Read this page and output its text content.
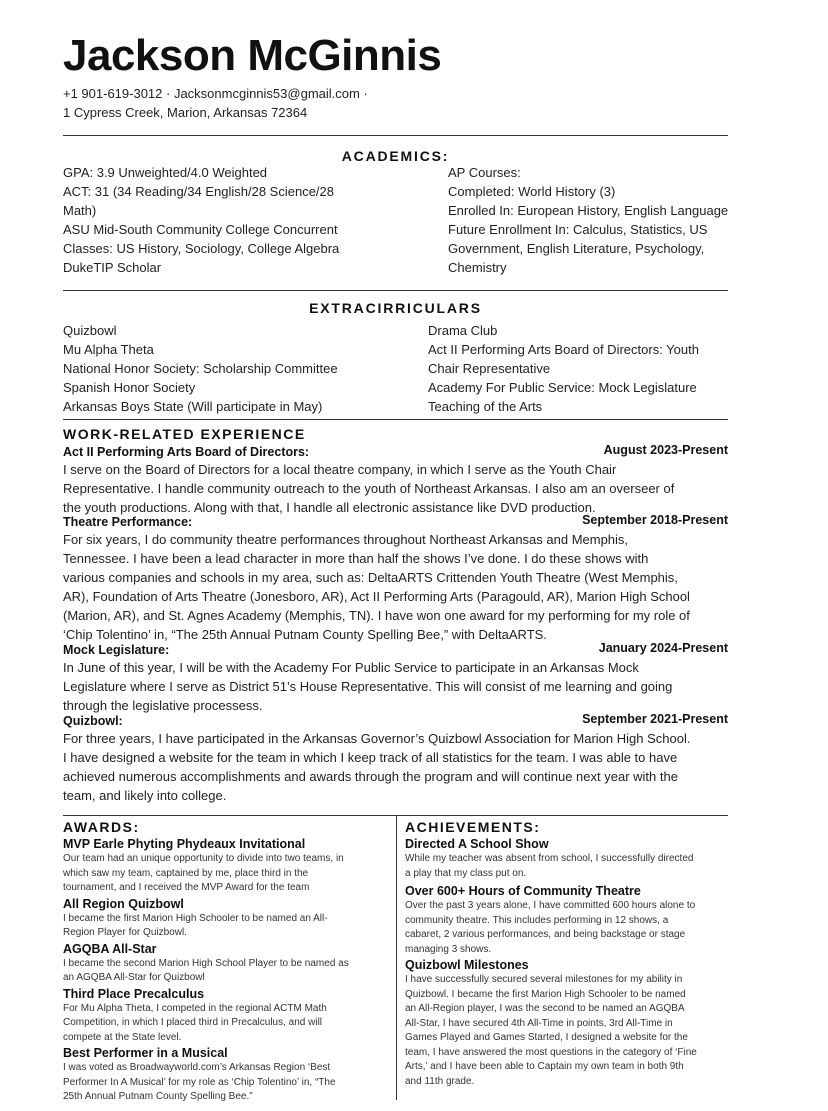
Jackson McGinnis
+1 901-619-3012 · Jacksonmcginnis53@gmail.com ·
1 Cypress Creek, Marion, Arkansas 72364
ACADEMICS:
GPA: 3.9 Unweighted/4.0 Weighted
ACT: 31 (34 Reading/34 English/28 Science/28
Math)
ASU Mid-South Community College Concurrent
Classes: US History, Sociology, College Algebra
DukeTIP Scholar
AP Courses:
Completed: World History (3)
Enrolled In: European History, English Language
Future Enrollment In: Calculus, Statistics, US
Government, English Literature, Psychology,
Chemistry
EXTRACIRRICULARS
Quizbowl
Mu Alpha Theta
National Honor Society: Scholarship Committee
Spanish Honor Society
Arkansas Boys State (Will participate in May)
Drama Club
Act II Performing Arts Board of Directors: Youth
Chair Representative
Academy For Public Service: Mock Legislature
Teaching of the Arts
WORK-RELATED EXPERIENCE
Act II Performing Arts Board of Directors:	August 2023-Present
I serve on the Board of Directors for a local theatre company, in which I serve as the Youth Chair
Representative. I handle community outreach to the youth of Northeast Arkansas. I also am an overseer of
the youth productions. Along with that, I handle all electronic assistance like DVD production.
Theatre Performance:	September 2018-Present
For six years, I do community theatre performances throughout Northeast Arkansas and Memphis,
Tennessee. I have been a lead character in more than half the shows I’ve done. I do these shows with
various companies and schools in my area, such as: DeltaARTS Crittenden Youth Theatre (West Memphis,
AR), Foundation of Arts Theatre (Jonesboro, AR), Act II Performing Arts (Paragould, AR), Marion High School
(Marion, AR), and St. Agnes Academy (Memphis, TN). I have won one award for my performing for my role of
‘Chip Tolentino’ in, “The 25th Annual Putnam County Spelling Bee,” with DeltaARTS.
Mock Legislature:	January 2024-Present
In June of this year, I will be with the Academy For Public Service to participate in an Arkansas Mock
Legislature where I serve as District 51’s House Representative. This will consist of me learning and going
through the legislative processess.
Quizbowl:	September 2021-Present
For three years, I have participated in the Arkansas Governor’s Quizbowl Association for Marion High School.
I have designed a website for the team in which I keep track of all statistics for the team. I was able to have
achieved numerous accomplishments and awards through the program and will continue next year with the
team, and likely into college.
AWARDS:
MVP Earle Phyting Phydeaux Invitational
Our team had an unique opportunity to divide into two teams, in
which saw my team, captained by me, place third in the
tournament, and I received the MVP Award for the team
All Region Quizbowl
I became the first Marion High Schooler to be named an All-
Region Player for Quizbowl.
AGQBA All-Star
I became the second Marion High School Player to be named as
an AGQBA All-Star for Quizbowl
Third Place Precalculus
For Mu Alpha Theta, I competed in the regional ACTM Math
Competition, in which I placed third in Precalculus, and will
compete at the State level.
Best Performer in a Musical
I was voted as Broadwayworld.com’s Arkansas Region ‘Best
Performer In A Musical’ for my role as ‘Chip Tolentino’ in, “The
25th Annual Putnam County Spelling Bee.”
ACHIEVEMENTS:
Directed A School Show
While my teacher was absent from school, I successfully directed
a play that my class put on.
Over 600+ Hours of Community Theatre
Over the past 3 years alone, I have committed 600 hours alone to
community theatre. This includes performing in 12 shows, a
cabaret, 2 various performances, and being backstage or stage
managing 3 shows.
Quizbowl Milestones
I have successfully secured several milestones for my ability in
Quizbowl. I became the first Marion High Schooler to be named
an All-Region player, I was the second to be named an AGQBA
All-Star, I have secured 4th All-Time in points, 3rd All-Time in
Games Played and Games Started, I designed a website for the
team, I have answered the most questions in the category of ‘Fine
Arts,’ and I have been able to Captain my own team in both 9th
and 11th grade.
